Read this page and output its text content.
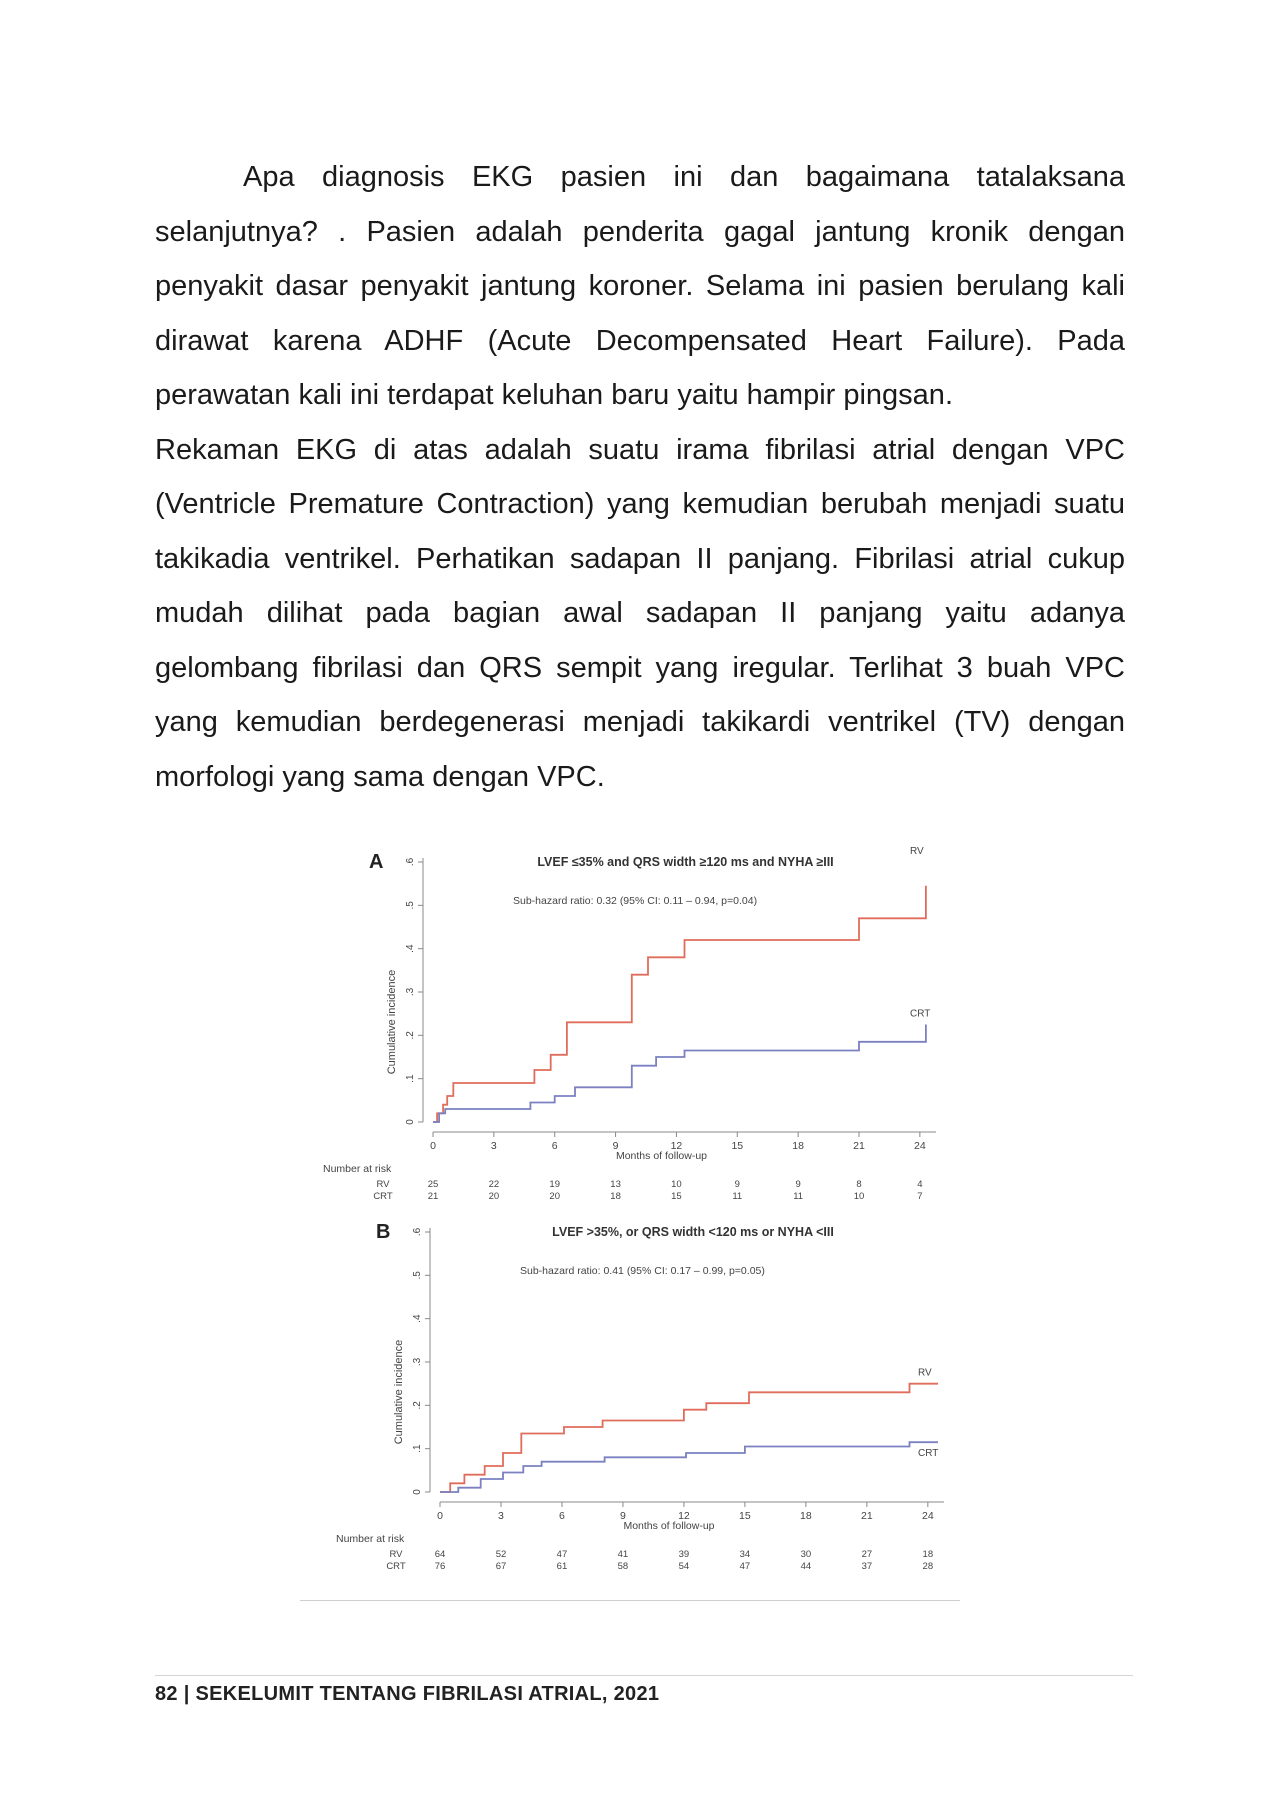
Apa diagnosis EKG pasien ini dan bagaimana tatalaksana selanjutnya? . Pasien adalah penderita gagal jantung kronik dengan penyakit dasar penyakit jantung koroner. Selama ini pasien berulang kali dirawat karena ADHF (Acute Decompensated Heart Failure). Pada perawatan kali ini terdapat keluhan baru yaitu hampir pingsan.

Rekaman EKG di atas adalah suatu irama fibrilasi atrial dengan VPC (Ventricle Premature Contraction) yang kemudian berubah menjadi suatu takikadia ventrikel. Perhatikan sadapan II panjang. Fibrilasi atrial cukup mudah dilihat pada bagian awal sadapan II panjang yaitu adanya gelombang fibrilasi dan QRS sempit yang iregular. Terlihat 3 buah VPC yang kemudian berdegenerasi menjadi takikardi ventrikel (TV) dengan morfologi yang sama dengan VPC.

A	LVEF ≤35% and QRS width ≥120 ms and NYHA ≥III
Sub-hazard ratio: 0.32 (95% CI: 0.11 – 0.94, p=0.04)
0
.1
.2
.3
.4
.5
.6
Cumulative incidence
0	3	6	9	12	15	18	21	24
Months of follow-up
RV
CRT
Number at risk
RV	25	22	19	13	10	9	9	8	4
CRT	21	20	20	18	15	11	11	10	7
B	LVEF >35%, or QRS width <120 ms or NYHA <III
Sub-hazard ratio: 0.41 (95% CI: 0.17 – 0.99, p=0.05)
0
.1
.2
.3
.4
.5
.6
Cumulative incidence
0	3	6	9	12	15	18	21	24
Months of follow-up
RV
CRT
Number at risk
RV	64	52	47	41	39	34	30	27	18
CRT	76	67	61	58	54	47	44	37	28
82 | SEKELUMIT TENTANG FIBRILASI ATRIAL, 2021
